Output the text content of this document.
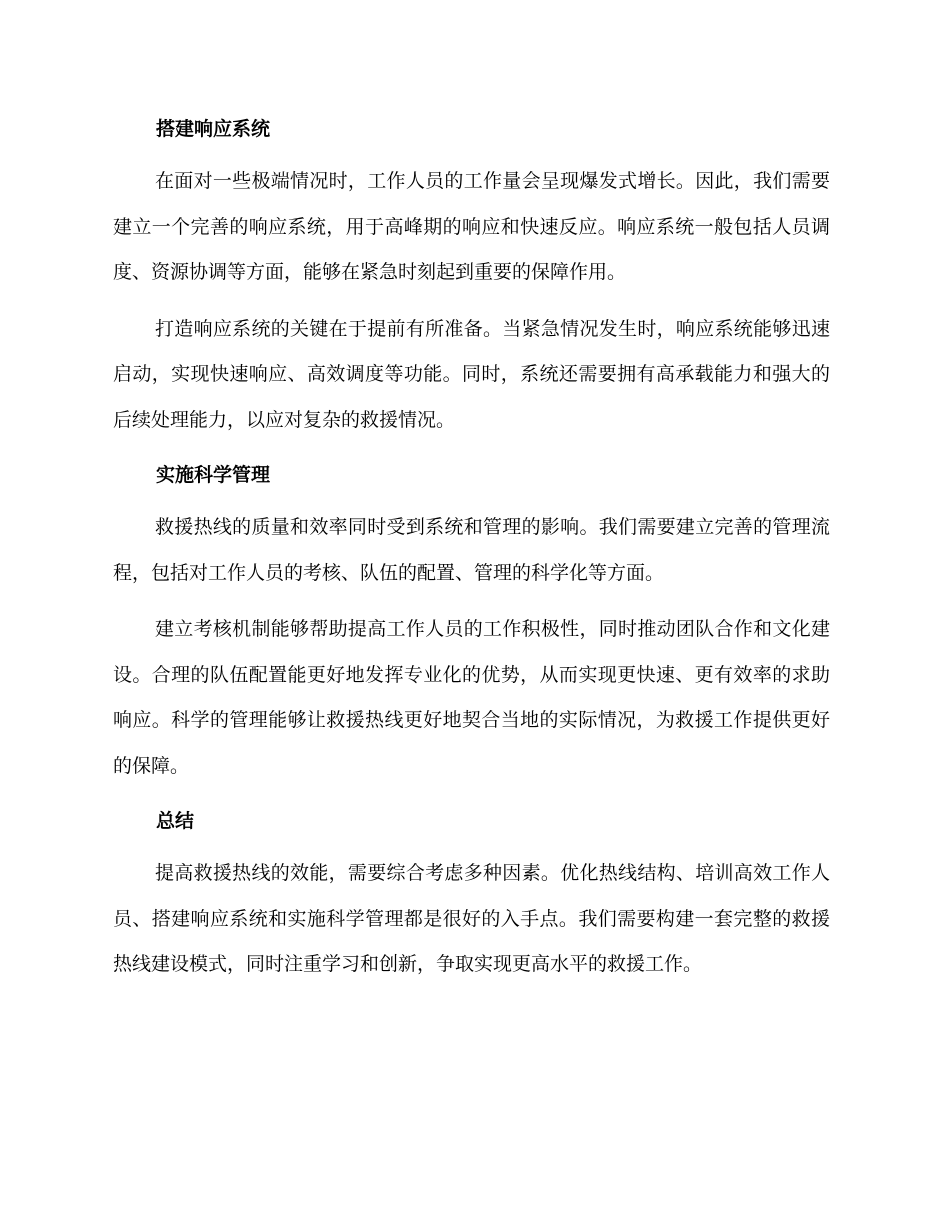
搭建响应系统

在面对一些极端情况时，工作人员的工作量会呈现爆发式增长。因此，我们需要建立一个完善的响应系统，用于高峰期的响应和快速反应。响应系统一般包括人员调度、资源协调等方面，能够在紧急时刻起到重要的保障作用。

打造响应系统的关键在于提前有所准备。当紧急情况发生时，响应系统能够迅速启动，实现快速响应、高效调度等功能。同时，系统还需要拥有高承载能力和强大的后续处理能力，以应对复杂的救援情况。

实施科学管理

救援热线的质量和效率同时受到系统和管理的影响。我们需要建立完善的管理流程，包括对工作人员的考核、队伍的配置、管理的科学化等方面。

建立考核机制能够帮助提高工作人员的工作积极性，同时推动团队合作和文化建设。合理的队伍配置能更好地发挥专业化的优势，从而实现更快速、更有效率的求助响应。科学的管理能够让救援热线更好地契合当地的实际情况，为救援工作提供更好的保障。

总结

提高救援热线的效能，需要综合考虑多种因素。优化热线结构、培训高效工作人员、搭建响应系统和实施科学管理都是很好的入手点。我们需要构建一套完整的救援热线建设模式，同时注重学习和创新，争取实现更高水平的救援工作。
